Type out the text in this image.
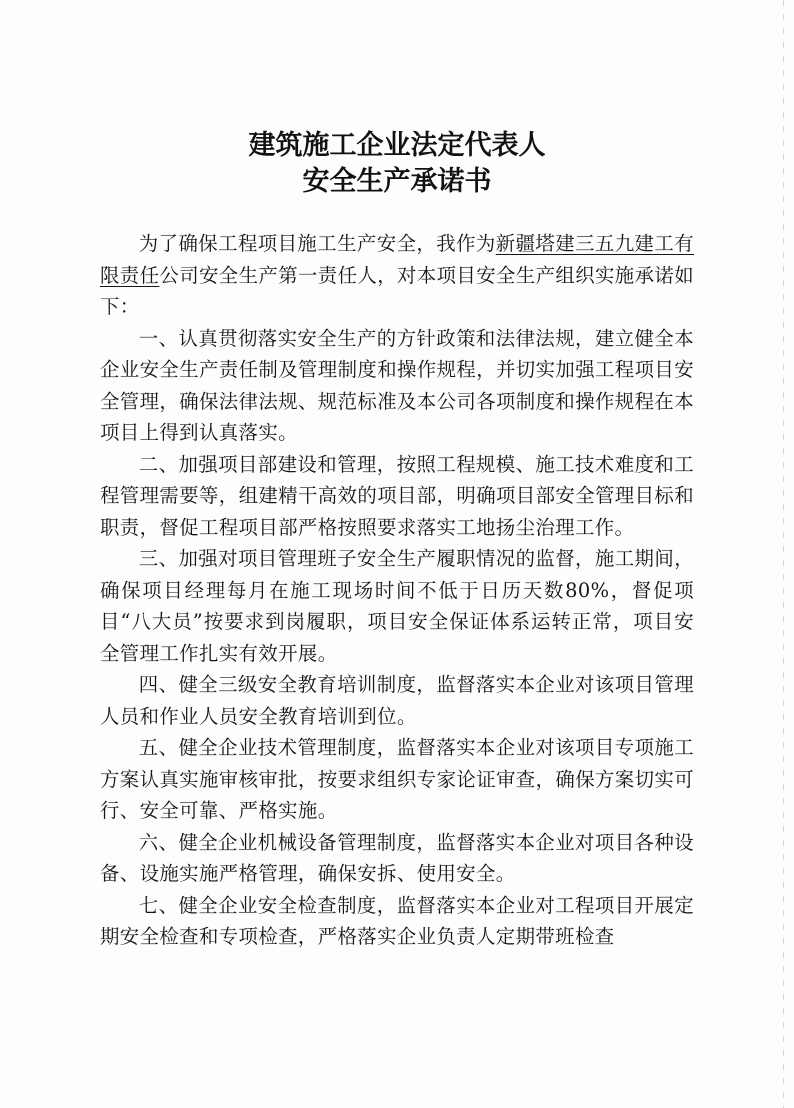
建筑施工企业法定代表人
安全生产承诺书

为了确保工程项目施工生产安全，我作为新疆塔建三五九建工有限责任公司安全生产第一责任人，对本项目安全生产组织实施承诺如下：

一、认真贯彻落实安全生产的方针政策和法律法规，建立健全本企业安全生产责任制及管理制度和操作规程，并切实加强工程项目安全管理，确保法律法规、规范标准及本公司各项制度和操作规程在本项目上得到认真落实。

二、加强项目部建设和管理，按照工程规模、施工技术难度和工程管理需要等，组建精干高效的项目部，明确项目部安全管理目标和职责，督促工程项目部严格按照要求落实工地扬尘治理工作。

三、加强对项目管理班子安全生产履职情况的监督，施工期间，确保项目经理每月在施工现场时间不低于日历天数80%，督促项目“八大员”按要求到岗履职，项目安全保证体系运转正常，项目安全管理工作扎实有效开展。

四、健全三级安全教育培训制度，监督落实本企业对该项目管理人员和作业人员安全教育培训到位。

五、健全企业技术管理制度，监督落实本企业对该项目专项施工方案认真实施审核审批，按要求组织专家论证审查，确保方案切实可行、安全可靠、严格实施。

六、健全企业机械设备管理制度，监督落实本企业对项目各种设备、设施实施严格管理，确保安拆、使用安全。

七、健全企业安全检查制度，监督落实本企业对工程项目开展定期安全检查和专项检查，严格落实企业负责人定期带班检查
